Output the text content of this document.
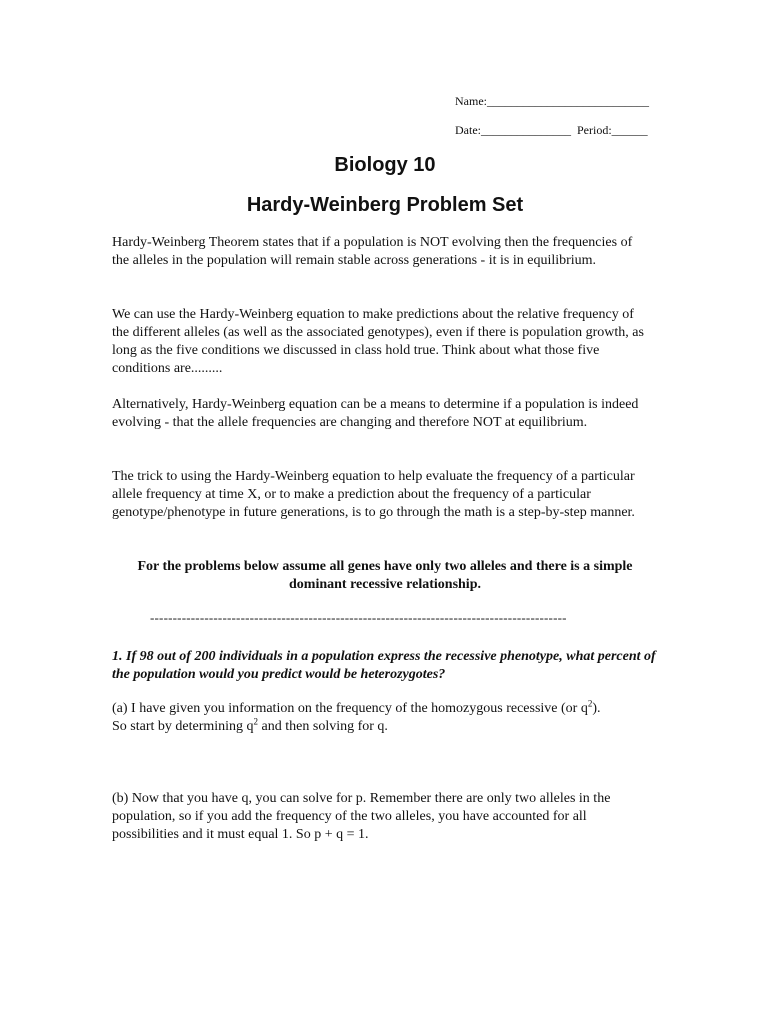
Name:___________________________
Date:_______________  Period:______
Biology 10
Hardy-Weinberg Problem Set

Hardy-Weinberg Theorem states that if a population is NOT evolving then the frequencies of the alleles in the population will remain stable across generations - it is in equilibrium.

We can use the Hardy-Weinberg equation to make predictions about the relative frequency of the different alleles (as well as the associated genotypes), even if there is population growth, as long as the five conditions we discussed in class hold true. Think about what those five conditions are.........

Alternatively, Hardy-Weinberg equation can be a means to determine if a population is indeed evolving - that the allele frequencies are changing and therefore NOT at equilibrium.

The trick to using the Hardy-Weinberg equation to help evaluate the frequency of a particular allele frequency at time X, or to make a prediction about the frequency of a particular genotype/phenotype in future generations, is to go through the math is a step-by-step manner.

For the problems below assume all genes have only two alleles and there is a simple dominant recessive relationship.

--------------------------------------------------------------------------------------------

1. If 98 out of 200 individuals in a population express the recessive phenotype, what percent of the population would you predict would be heterozygotes?

(a) I have given you information on the frequency of the homozygous recessive (or $q^2$).
So start by determining $q^2$ and then solving for q.

(b) Now that you have q, you can solve for p. Remember there are only two alleles in the population, so if you add the frequency of the two alleles, you have accounted for all possibilities and it must equal 1. So p + q = 1.
